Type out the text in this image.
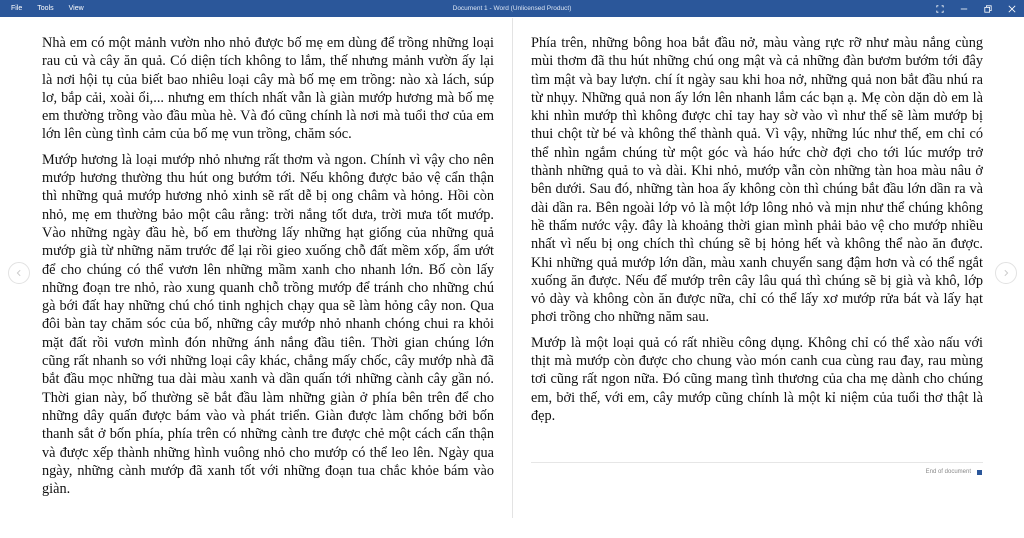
File	Tools	View	Document 1 - Word (Unlicensed Product)

Nhà em có một mảnh vườn nho nhỏ được bố mẹ em dùng để trồng những loại rau củ và cây ăn quả. Có diện tích không to lắm, thế nhưng mảnh vườn ấy lại là nơi hội tụ của biết bao nhiêu loại cây mà bố mẹ em trồng: nào xà lách, súp lơ, bắp cải, xoài ổi,... nhưng em thích nhất vẫn là giàn mướp hương mà bố mẹ em thường trồng vào đầu mùa hè. Và đó cũng chính là nơi mà tuổi thơ của em lớn lên cùng tình cảm của bố mẹ vun trồng, chăm sóc.

Mướp hương là loại mướp nhỏ nhưng rất thơm và ngon. Chính vì vậy cho nên mướp hương thường thu hút ong bướm tới. Nếu không được bảo vệ cẩn thận thì những quả mướp hương nhỏ xinh sẽ rất dễ bị ong châm và hỏng. Hồi còn nhỏ, mẹ em thường bảo một câu rằng: trời nắng tốt dưa, trời mưa tốt mướp. Vào những ngày đầu hè, bố em thường lấy những hạt giống của những quả mướp già từ những năm trước để lại rồi gieo xuống chỗ đất mềm xốp, ẩm ướt để cho chúng có thể vươn lên những mầm xanh cho nhanh lớn. Bố còn lấy những đoạn tre nhỏ, rào xung quanh chỗ trồng mướp để tránh cho những chú gà bới đất hay những chú chó tinh nghịch chạy qua sẽ làm hỏng cây non. Qua đôi bàn tay chăm sóc của bố, những cây mướp nhỏ nhanh chóng chui ra khỏi mặt đất rồi vươn mình đón những ánh nắng đầu tiên. Thời gian chúng lớn cũng rất nhanh so với những loại cây khác, chẳng mấy chốc, cây mướp nhà đã bắt đầu mọc những tua dài màu xanh và dần quấn tới những cành cây gần nó. Thời gian này, bố thường sẽ bắt đầu làm những giàn ở phía bên trên để cho những dây quấn được bám vào và phát triển. Giàn được làm chống bởi bốn thanh sắt ở bốn phía, phía trên có những cành tre được chẻ một cách cẩn thận và được xếp thành những hình vuông nhỏ cho mướp có thể leo lên. Ngày qua ngày, những cành mướp đã xanh tốt với những đoạn tua chắc khỏe bám vào giàn.

Phía trên, những bông hoa bắt đầu nở, màu vàng rực rỡ như màu nắng cùng mùi thơm đã thu hút những chú ong mật và cả những đàn bươm bướm tới đây tìm mật và bay lượn. chí ít ngày sau khi hoa nở, những quả non bắt đầu nhú ra từ nhụy. Những quả non ấy lớn lên nhanh lắm các bạn ạ. Mẹ còn dặn dò em là khi nhìn mướp thì không được chỉ tay hay sờ vào vì như thế sẽ làm mướp bị thui chột từ bé và không thể thành quả. Vì vậy, những lúc như thế, em chỉ có thể nhìn ngắm chúng từ một góc và háo hức chờ đợi cho tới lúc mướp trở thành những quả to và dài. Khi nhỏ, mướp vẫn còn những tàn hoa màu nâu ở bên dưới. Sau đó, những tàn hoa ấy không còn thì chúng bắt đầu lớn dần ra và dài dần ra. Bên ngoài lớp vỏ là một lớp lông nhỏ và mịn như thể chúng không hề thấm nước vậy. đây là khoảng thời gian mình phải bảo vệ cho mướp nhiều nhất vì nếu bị ong chích thì chúng sẽ bị hỏng hết và không thể nào ăn được. Khi những quả mướp lớn dần, màu xanh chuyển sang đậm hơn và có thể ngắt xuống ăn được. Nếu để mướp trên cây lâu quá thì chúng sẽ bị già và khô, lớp vỏ dày và không còn ăn được nữa, chỉ có thể lấy xơ mướp rửa bát và lấy hạt phơi trồng cho những năm sau.

Mướp là một loại quả có rất nhiều công dụng. Không chỉ có thể xào nấu với thịt mà mướp còn được cho chung vào món canh cua cùng rau đay, rau mùng tơi cũng rất ngon nữa. Đó cũng mang tình thương của cha mẹ dành cho chúng em, bởi thế, với em, cây mướp cũng chính là một kỉ niệm của tuổi thơ thật là đẹp.

End of document
